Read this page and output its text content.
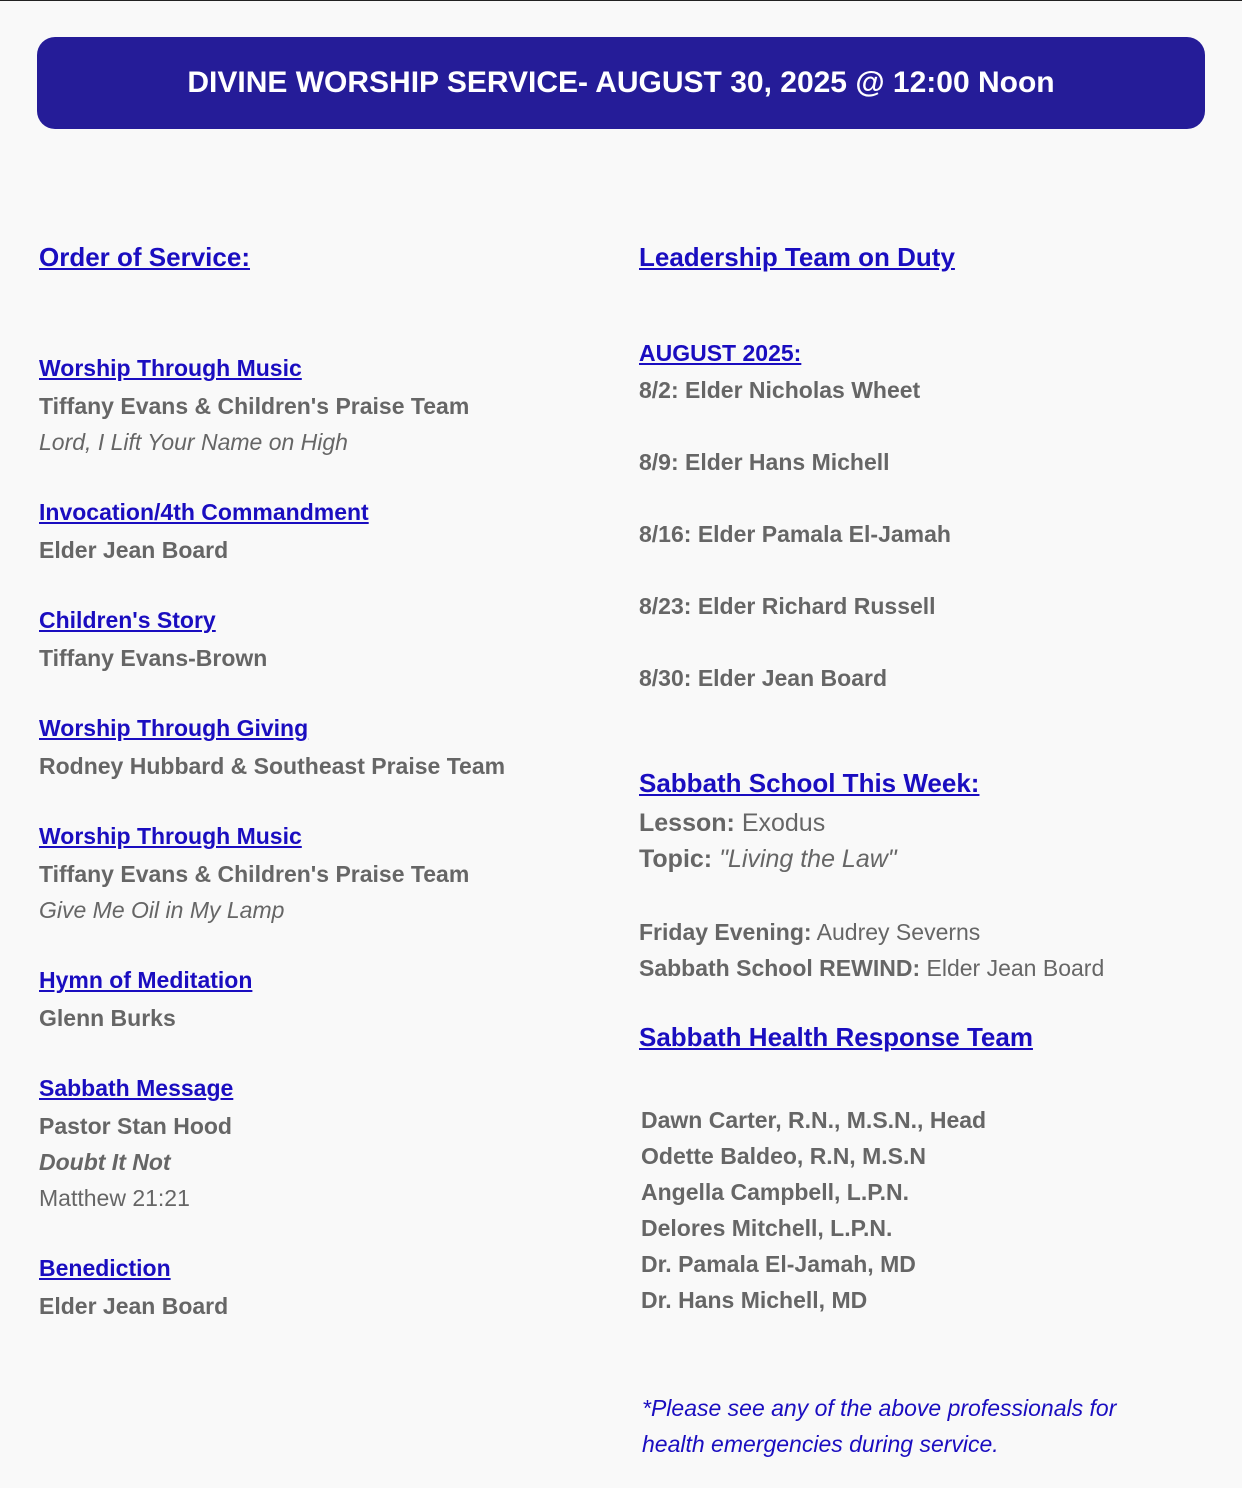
DIVINE WORSHIP SERVICE- AUGUST 30, 2025 @ 12:00 Noon
Order of Service:
Worship Through Music
Tiffany Evans & Children's Praise Team
Lord, I Lift Your Name on High
Invocation/4th Commandment
Elder Jean Board
Children's Story
Tiffany Evans-Brown
Worship Through Giving
Rodney Hubbard & Southeast Praise Team
Worship Through Music
Tiffany Evans & Children's Praise Team
Give Me Oil in My Lamp
Hymn of Meditation
Glenn Burks
Sabbath Message
Pastor Stan Hood
Doubt It Not
Matthew 21:21
Benediction
Elder Jean Board
Leadership Team on Duty
AUGUST 2025:
8/2: Elder Nicholas Wheet
8/9: Elder Hans Michell
8/16: Elder Pamala El-Jamah
8/23: Elder Richard Russell
8/30: Elder Jean Board
Sabbath School This Week:
Lesson: Exodus
Topic: "Living the Law"
Friday Evening: Audrey Severns
Sabbath School REWIND: Elder Jean Board
Sabbath Health Response Team
Dawn Carter, R.N., M.S.N., Head
Odette Baldeo, R.N, M.S.N
Angella Campbell, L.P.N.
Delores Mitchell, L.P.N.
Dr. Pamala El-Jamah, MD
Dr. Hans Michell, MD
*Please see any of the above professionals for health emergencies during service.
